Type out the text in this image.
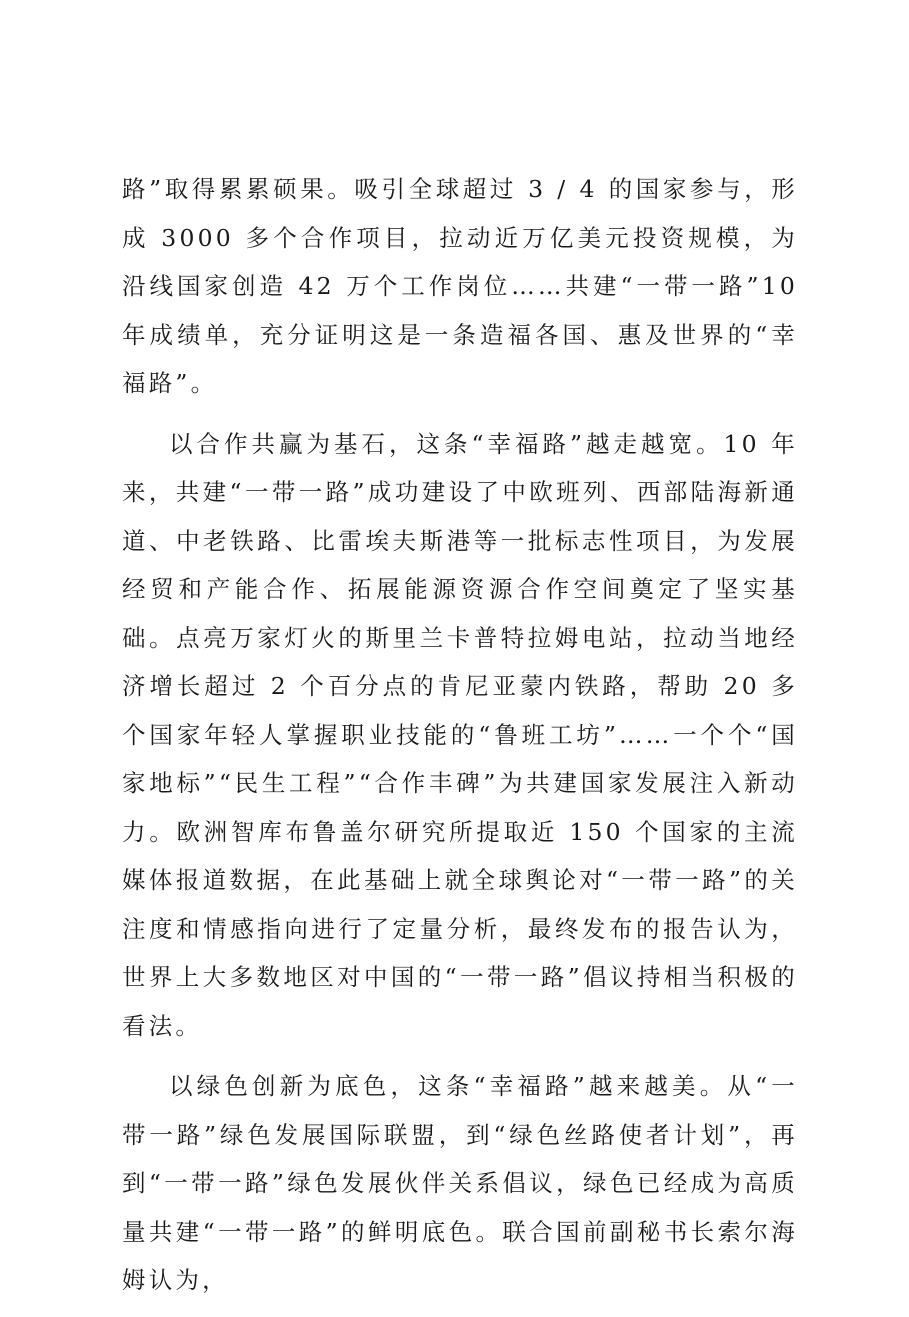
路”取得累累硕果。吸引全球超过 3 / 4 的国家参与，形成 3000 多个合作项目，拉动近万亿美元投资规模，为沿线国家创造 42 万个工作岗位……共建“一带一路”10 年成绩单，充分证明这是一条造福各国、惠及世界的“幸福路”。

以合作共赢为基石，这条“幸福路”越走越宽。10 年来，共建“一带一路”成功建设了中欧班列、西部陆海新通道、中老铁路、比雷埃夫斯港等一批标志性项目，为发展经贸和产能合作、拓展能源资源合作空间奠定了坚实基础。点亮万家灯火的斯里兰卡普特拉姆电站，拉动当地经济增长超过 2 个百分点的肯尼亚蒙内铁路，帮助 20 多个国家年轻人掌握职业技能的“鲁班工坊”……一个个“国家地标”“民生工程”“合作丰碑”为共建国家发展注入新动力。欧洲智库布鲁盖尔研究所提取近 150 个国家的主流媒体报道数据，在此基础上就全球舆论对“一带一路”的关注度和情感指向进行了定量分析，最终发布的报告认为，世界上大多数地区对中国的“一带一路”倡议持相当积极的看法。

以绿色创新为底色，这条“幸福路”越来越美。从“一带一路”绿色发展国际联盟，到“绿色丝路使者计划”，再到“一带一路”绿色发展伙伴关系倡议，绿色已经成为高质量共建“一带一路”的鲜明底色。联合国前副秘书长索尔海姆认为，
